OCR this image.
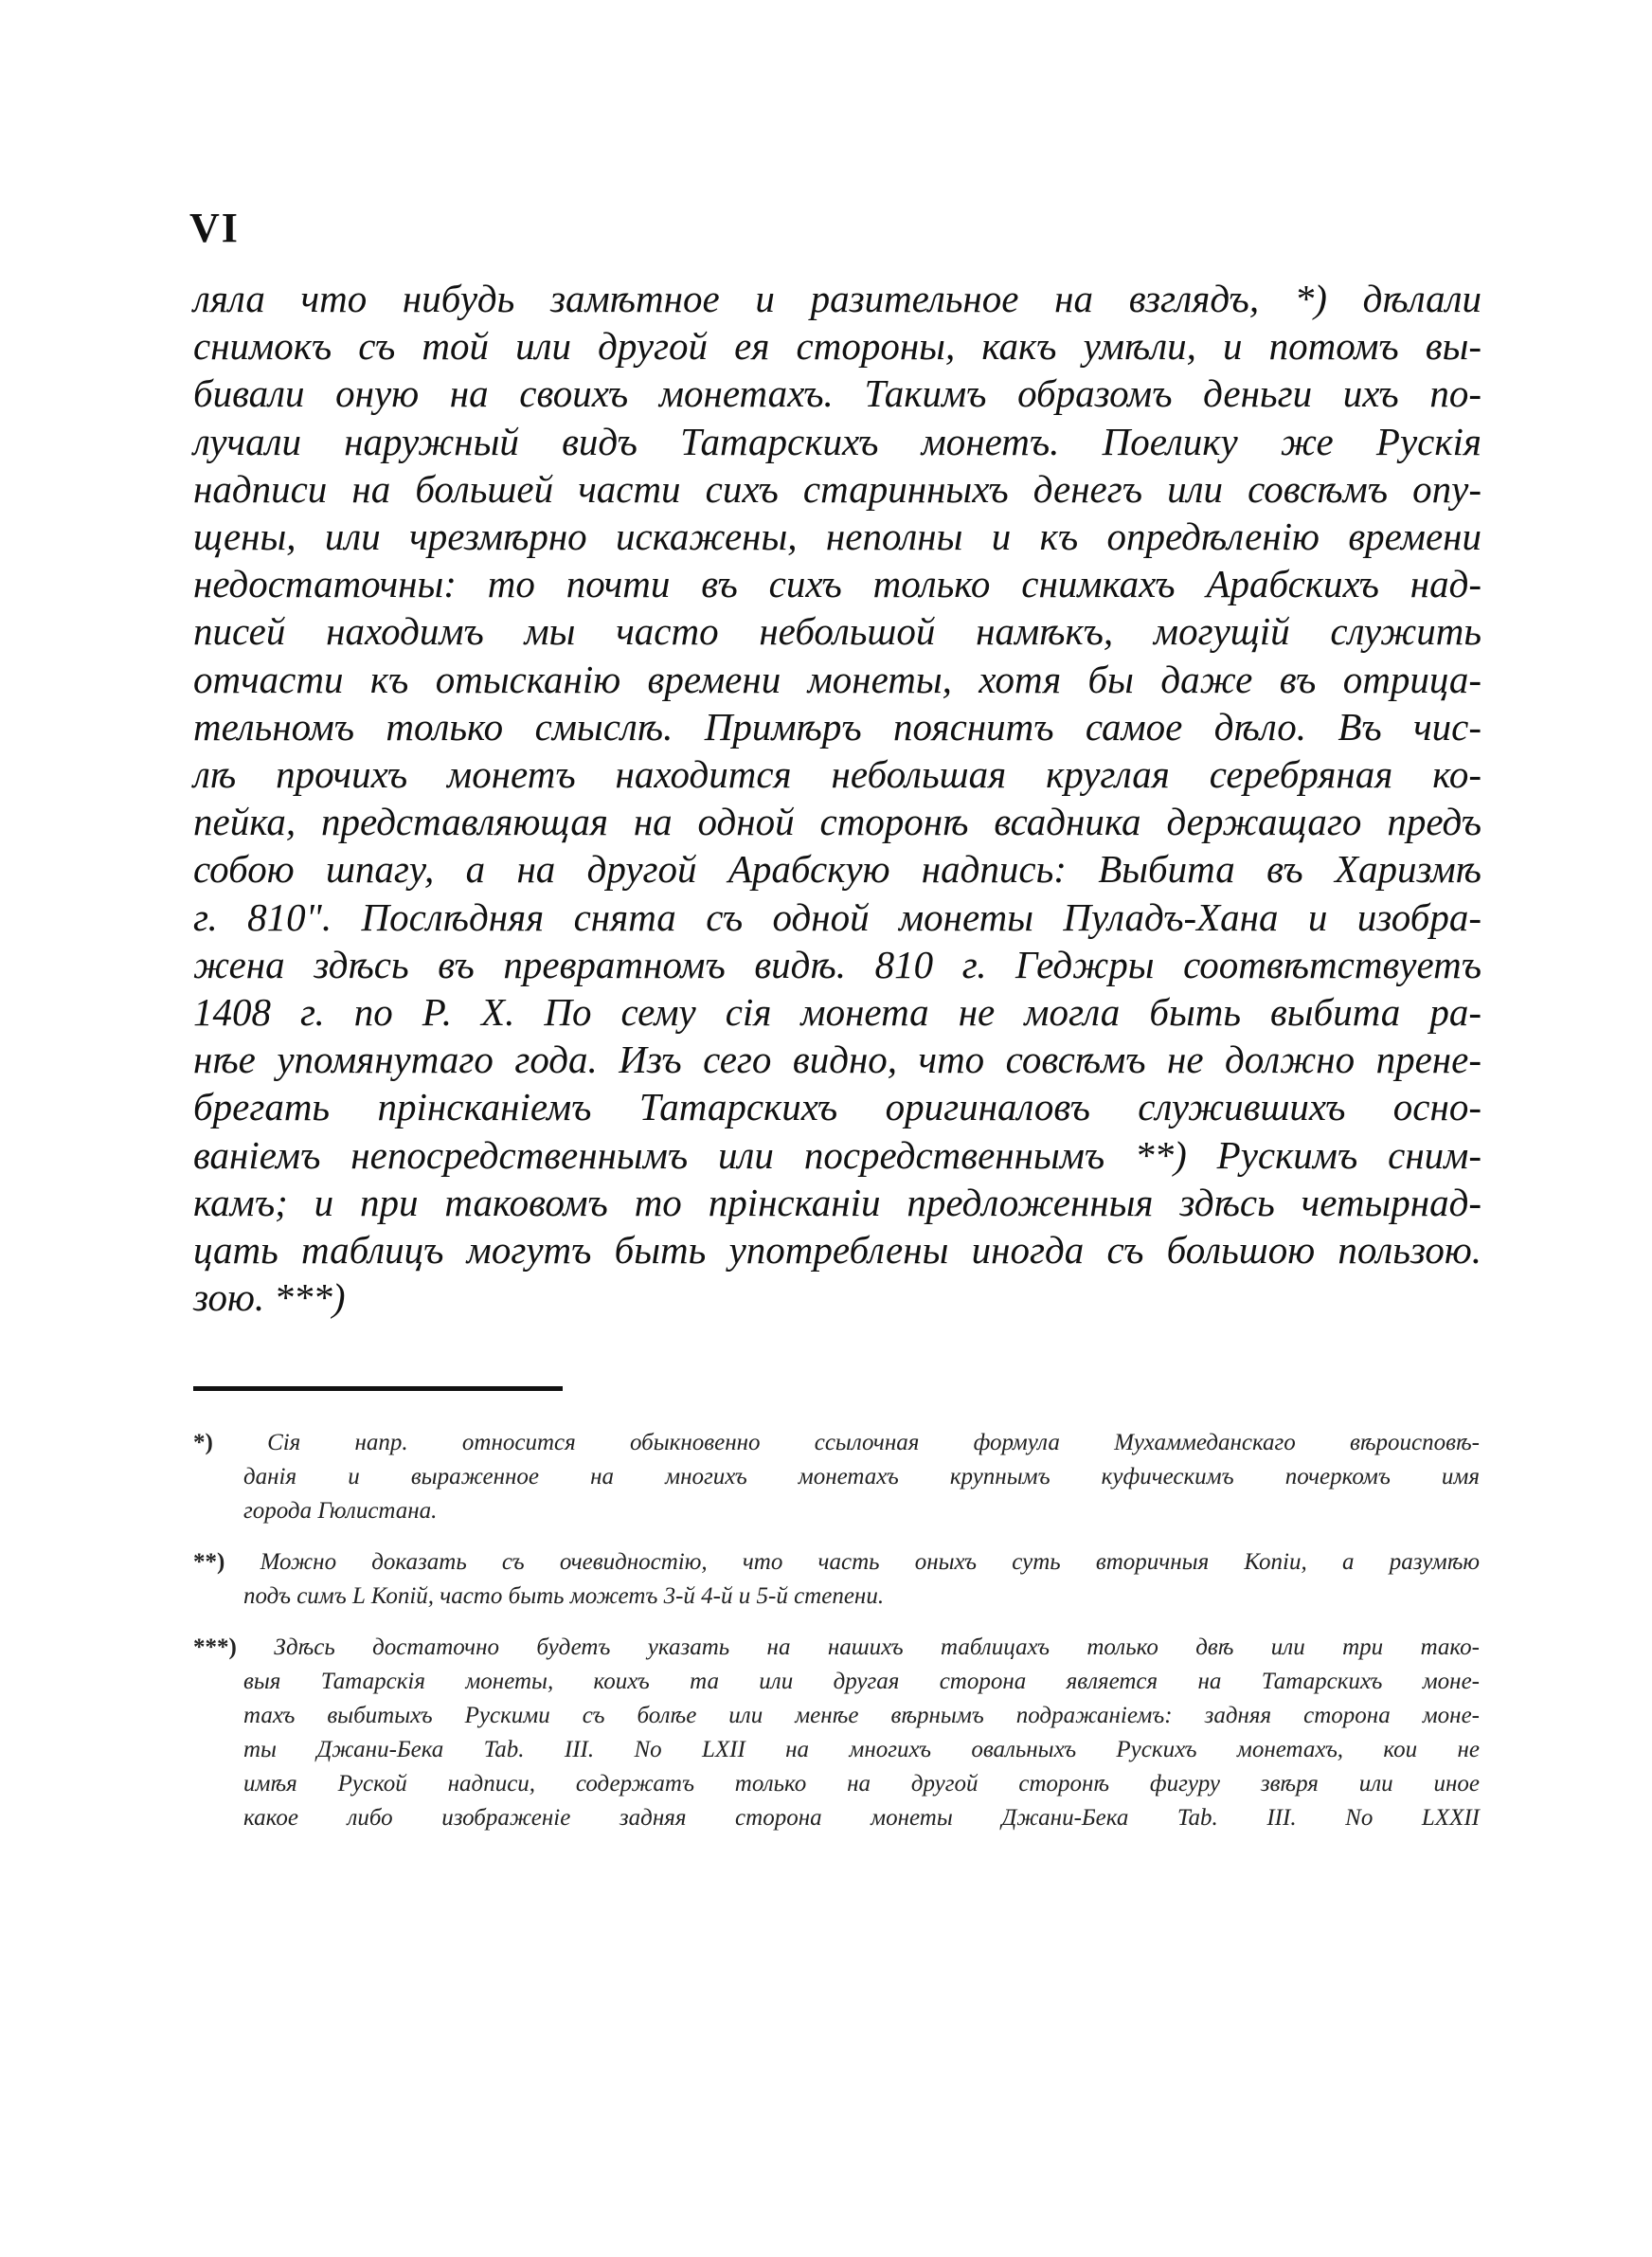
VI
ляла что нибудь замѣтное и разительное на взглядъ, *) дѣлали
снимокъ съ той или другой ея стороны, какъ умѣли, и потомъ вы-
бивали оную на своихъ монетахъ. Такимъ образомъ деньги ихъ по-
лучали наружный видъ Татарскихъ монетъ. Поелику же Рускія
надписи на большей части сихъ старинныхъ денегъ или совсѣмъ опу-
щены, или чрезмѣрно искажены, неполны и къ опредѣленію времени
недостаточны: то почти въ сихъ только снимкахъ Арабскихъ над-
писей находимъ мы часто небольшой намѣкъ, могущій служить
отчасти къ отысканію времени монеты, хотя бы даже въ отрица-
тельномъ только смыслѣ. Примѣръ пояснитъ самое дѣло. Въ чис-
лѣ прочихъ монетъ находится небольшая круглая серебряная ко-
пейка, представляющая на одной сторонѣ всадника держащаго предъ
собою шпагу, а на другой Арабскую надпись: Выбита въ Харизмѣ
г. 810". Послѣдняя снята съ одной монеты Пуладъ-Хана и изобра-
жена здѣсь въ превратномъ видѣ. 810 г. Геджры соотвѣтствуетъ
1408 г. по Р. Х. По сему сія монета не могла быть выбита ра-
нѣе упомянутаго года. Изъ сего видно, что совсѣмъ не должно пренe-
брегать прінсканіемъ Татарскихъ оригиналовъ служившихъ осно-
ваніемъ непосредственнымъ или посредственнымъ **) Рускимъ сним-
камъ; и при таковомъ то прінсканіи предложенныя здѣсь четырнад-
цать таблицъ могутъ быть употреблены иногда съ большою пользою.
зою. ***)
*) Сія напр. относится обыкновенно ссылочная формула Мухаммеданскаго вѣроисповѣ-
данія и выраженное на многихъ монетахъ крупнымъ куфическимъ почеркомъ имя
города Гюлистана.
**) Можно доказать съ очевидностію, что часть оныхъ суть вторичныя Копіи, а разумѣю
подъ симъ L Копій, часто быть можетъ 3-й 4-й и 5-й степени.
***) Здѣсь достаточно будетъ указать на нашихъ таблицахъ только двѣ или три тако-
выя Татарскія монеты, коихъ та или другая сторона является на Татарскихъ моне-
тахъ выбитыхъ Рускими съ болѣе или менѣе вѣрнымъ подражаніемъ: задняя сторона моне-
ты Джани-Бека Tab. III. No LXII на многихъ овальныхъ Рускихъ монетахъ, кои не
имѣя Руской надписи, содержатъ только на другой сторонѣ фигуру звѣря или иное
какое либо изображеніе задняя сторона монеты Джани-Бека Tab. III. No LXXII
